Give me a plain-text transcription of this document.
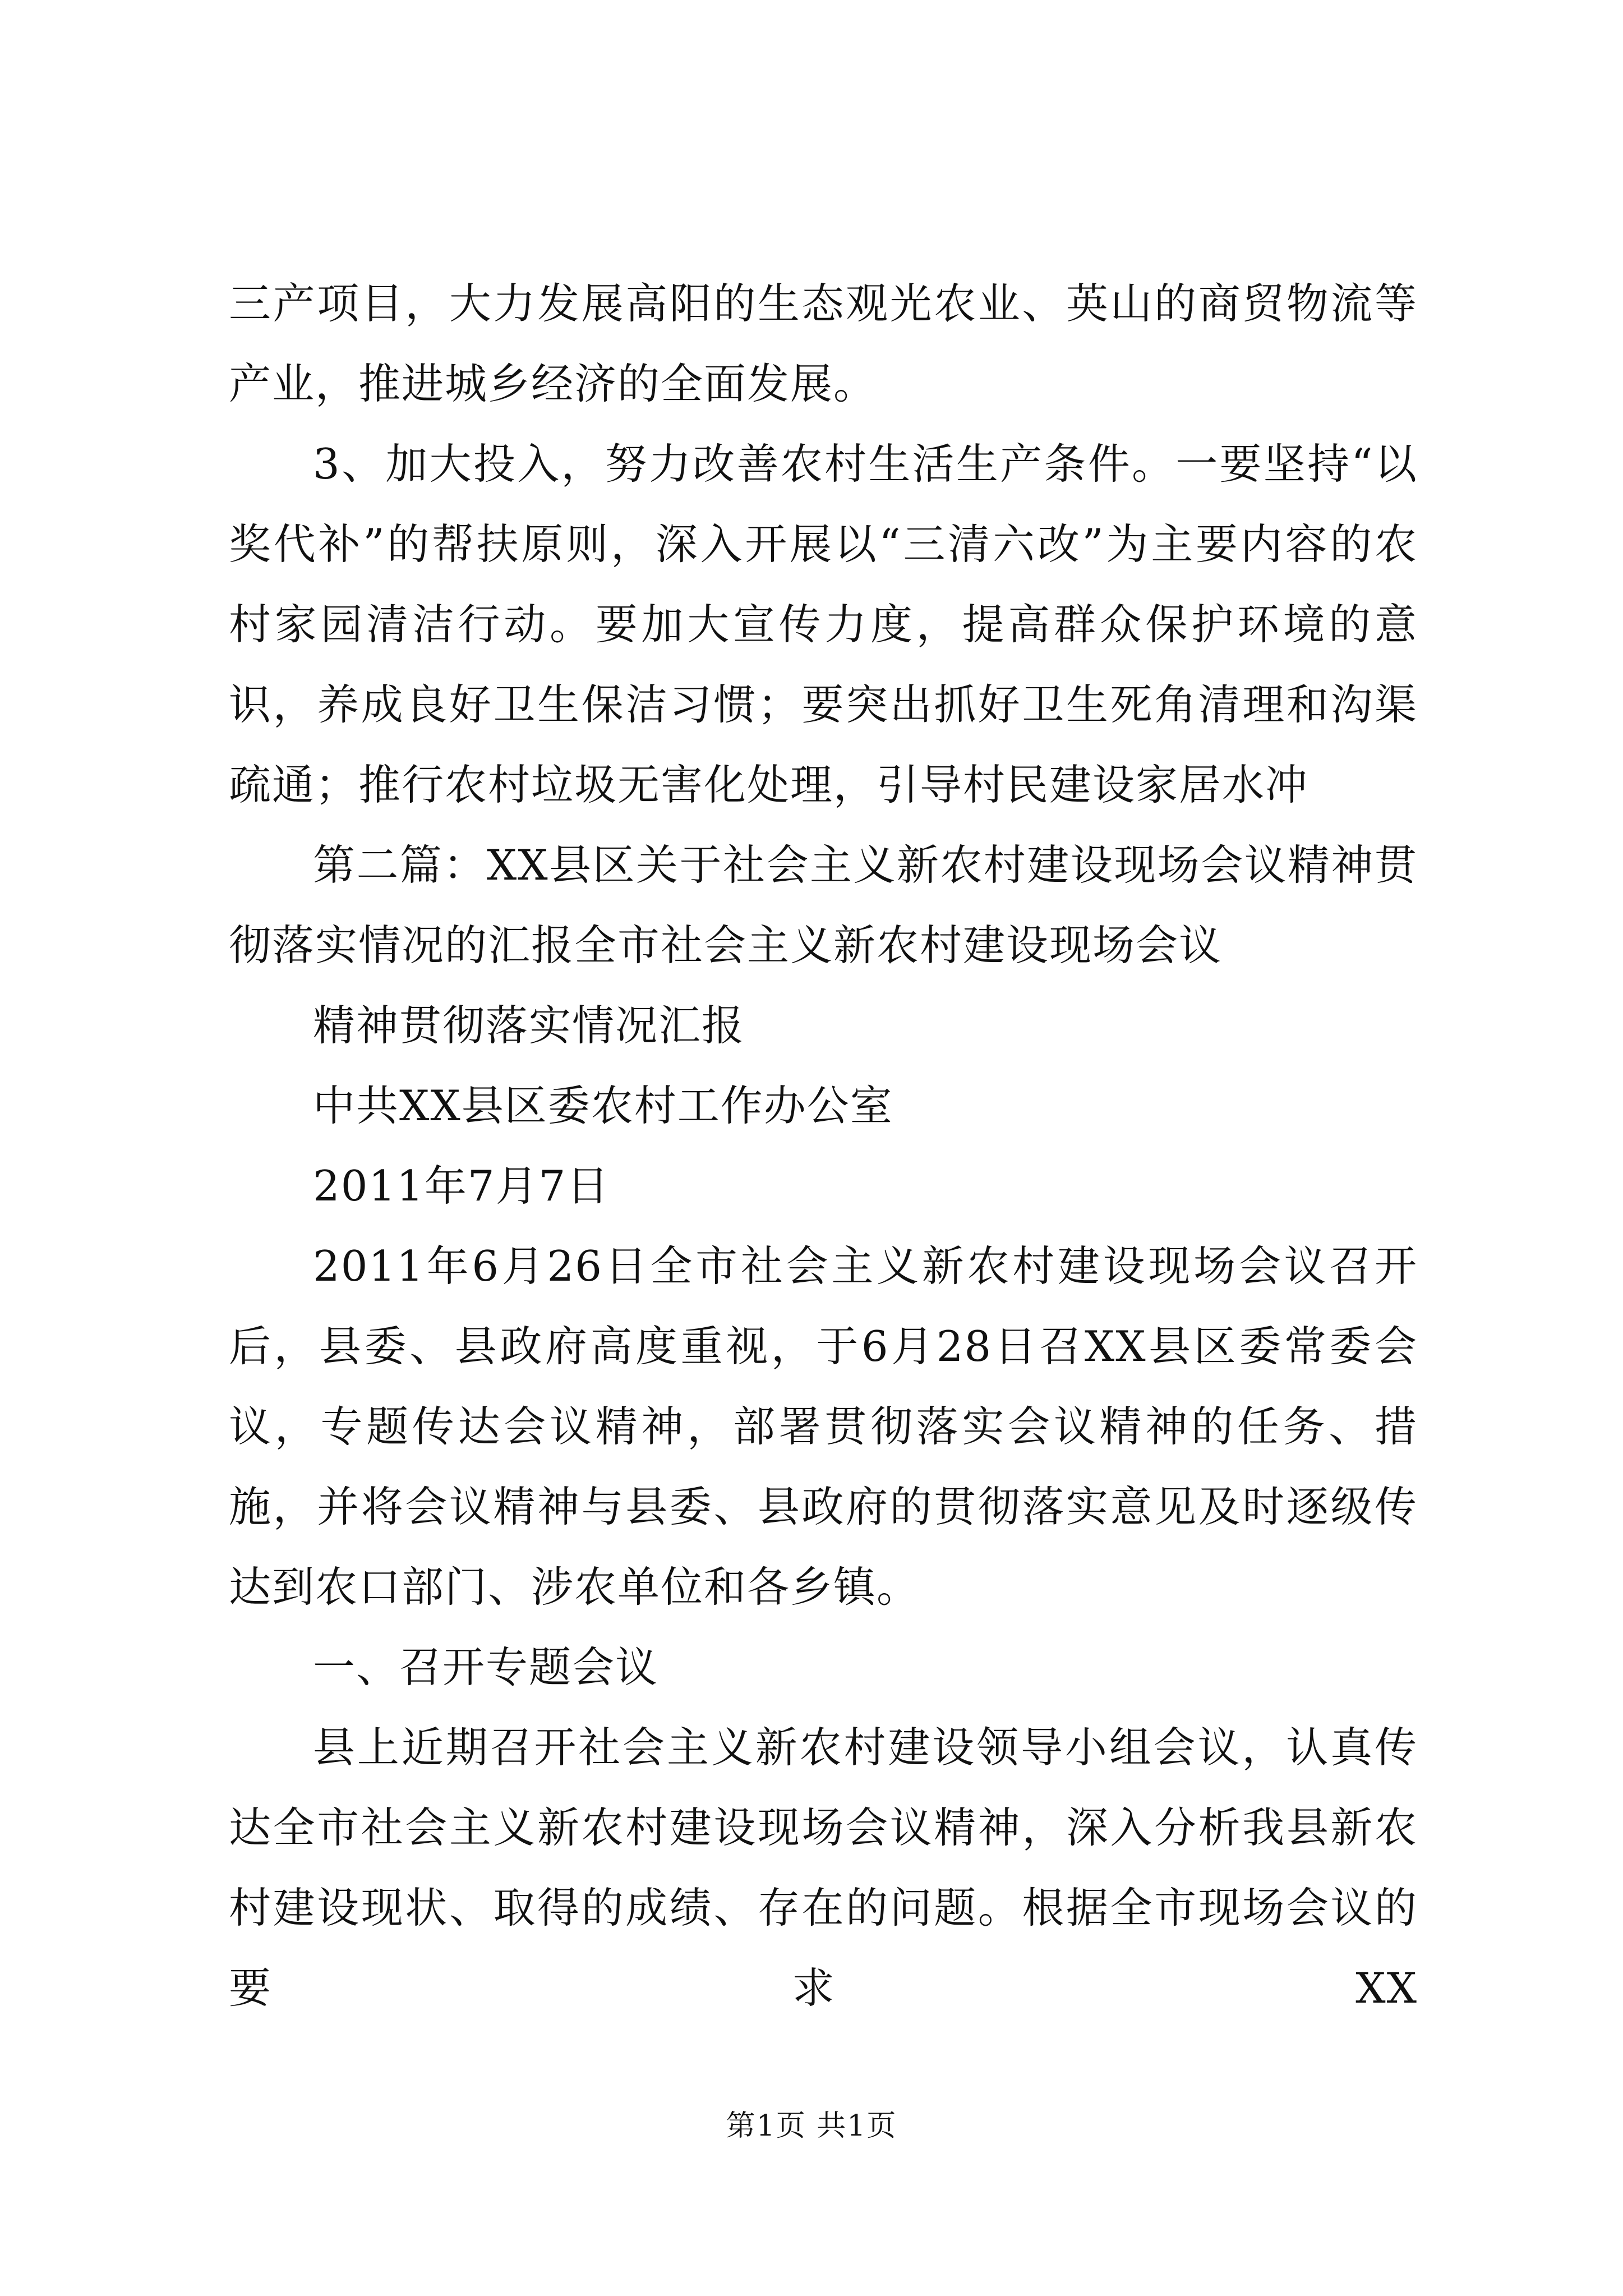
三产项目，大力发展高阳的生态观光农业、英山的商贸物流等产业，推进城乡经济的全面发展。

3、加大投入，努力改善农村生活生产条件。一要坚持“以奖代补”的帮扶原则，深入开展以“三清六改”为主要内容的农村家园清洁行动。要加大宣传力度，提高群众保护环境的意识，养成良好卫生保洁习惯；要突出抓好卫生死角清理和沟渠疏通；推行农村垃圾无害化处理，引导村民建设家居水冲

第二篇：XX县区关于社会主义新农村建设现场会议精神贯彻落实情况的汇报全市社会主义新农村建设现场会议

精神贯彻落实情况汇报

中共XX县区委农村工作办公室

2011年7月7日

2011年6月26日全市社会主义新农村建设现场会议召开后，县委、县政府高度重视，于6月28日召XX县区委常委会议，专题传达会议精神，部署贯彻落实会议精神的任务、措施，并将会议精神与县委、县政府的贯彻落实意见及时逐级传达到农口部门、涉农单位和各乡镇。

一、召开专题会议

县上近期召开社会主义新农村建设领导小组会议，认真传达全市社会主义新农村建设现场会议精神，深入分析我县新农村建设现状、取得的成绩、存在的问题。根据全市现场会议的要求XX

第1页 共1页
